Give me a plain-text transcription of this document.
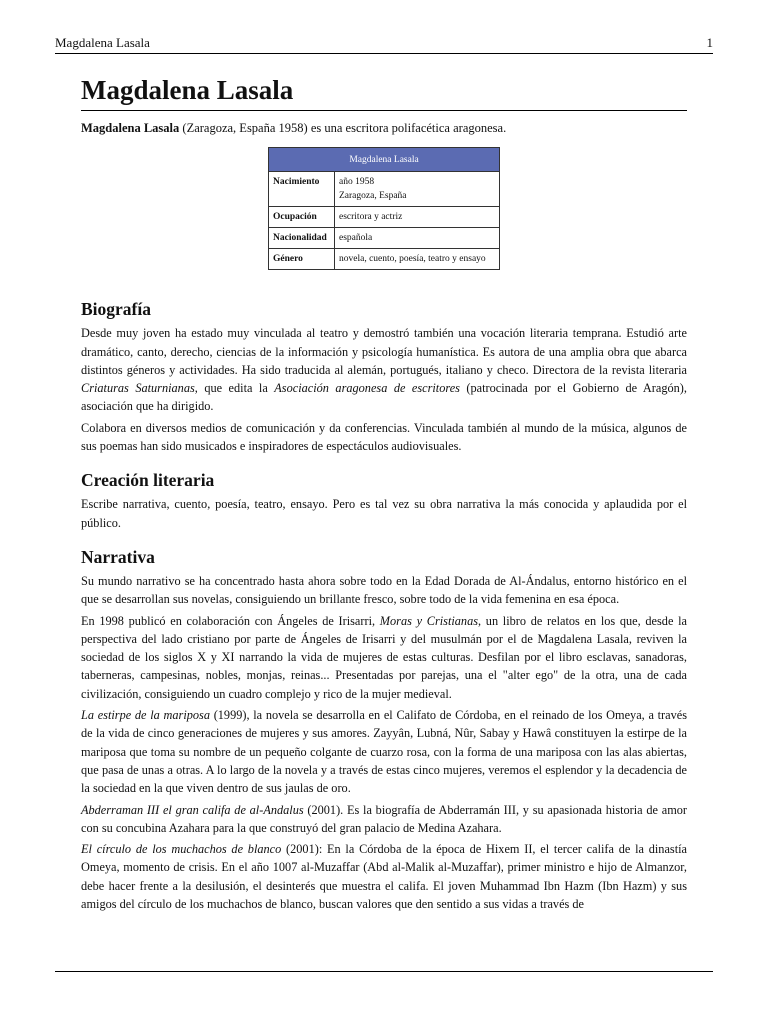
Magdalena Lasala	1
Magdalena Lasala

Magdalena Lasala (Zaragoza, España 1958) es una escritora polifacética aragonesa.

Magdalena Lasala	
Nacimiento	año 1958
Zaragoza, España
Ocupación	escritora y actriz
Nacionalidad	española
Género	novela, cuento, poesía, teatro y ensayo
Biografía

Desde muy joven ha estado muy vinculada al teatro y demostró también una vocación literaria temprana. Estudió arte dramático, canto, derecho, ciencias de la información y psicología humanística. Es autora de una amplia obra que abarca distintos géneros y actividades. Ha sido traducida al alemán, portugués, italiano y checo. Directora de la revista literaria Criaturas Saturnianas, que edita la Asociación aragonesa de escritores (patrocinada por el Gobierno de Aragón), asociación que ha dirigido.

Colabora en diversos medios de comunicación y da conferencias. Vinculada también al mundo de la música, algunos de sus poemas han sido musicados e inspiradores de espectáculos audiovisuales.

Creación literaria

Escribe narrativa, cuento, poesía, teatro, ensayo. Pero es tal vez su obra narrativa la más conocida y aplaudida por el público.

Narrativa

Su mundo narrativo se ha concentrado hasta ahora sobre todo en la Edad Dorada de Al-Ándalus, entorno histórico en el que se desarrollan sus novelas, consiguiendo un brillante fresco, sobre todo de la vida femenina en esa época.

En 1998 publicó en colaboración con Ángeles de Irisarri, Moras y Cristianas, un libro de relatos en los que, desde la perspectiva del lado cristiano por parte de Ángeles de Irisarri y del musulmán por el de Magdalena Lasala, reviven la sociedad de los siglos X y XI narrando la vida de mujeres de estas culturas. Desfilan por el libro esclavas, sanadoras, taberneras, campesinas, nobles, monjas, reinas... Presentadas por parejas, una el "alter ego" de la otra, una de cada civilización, consiguiendo un cuadro complejo y rico de la mujer medieval.

La estirpe de la mariposa (1999), la novela se desarrolla en el Califato de Córdoba, en el reinado de los Omeya, a través de la vida de cinco generaciones de mujeres y sus amores. Zayyân, Lubná, Nûr, Sabay y Hawâ constituyen la estirpe de la mariposa que toma su nombre de un pequeño colgante de cuarzo rosa, con la forma de una mariposa con las alas abiertas, que pasa de unas a otras. A lo largo de la novela y a través de estas cinco mujeres, veremos el esplendor y la decadencia de la sociedad en la que viven dentro de sus jaulas de oro.

Abderraman III el gran califa de al-Andalus (2001). Es la biografía de Abderramán III, y su apasionada historia de amor con su concubina Azahara para la que construyó del gran palacio de Medina Azahara.

El círculo de los muchachos de blanco (2001): En la Córdoba de la época de Hixem II, el tercer califa de la dinastía Omeya, momento de crisis. En el año 1007 al-Muzaffar (Abd al-Malik al-Muzaffar), primer ministro e hijo de Almanzor, debe hacer frente a la desilusión, el desinterés que muestra el califa. El joven Muhammad Ibn Hazm (Ibn Hazm) y sus amigos del círculo de los muchachos de blanco, buscan valores que den sentido a sus vidas a través de
